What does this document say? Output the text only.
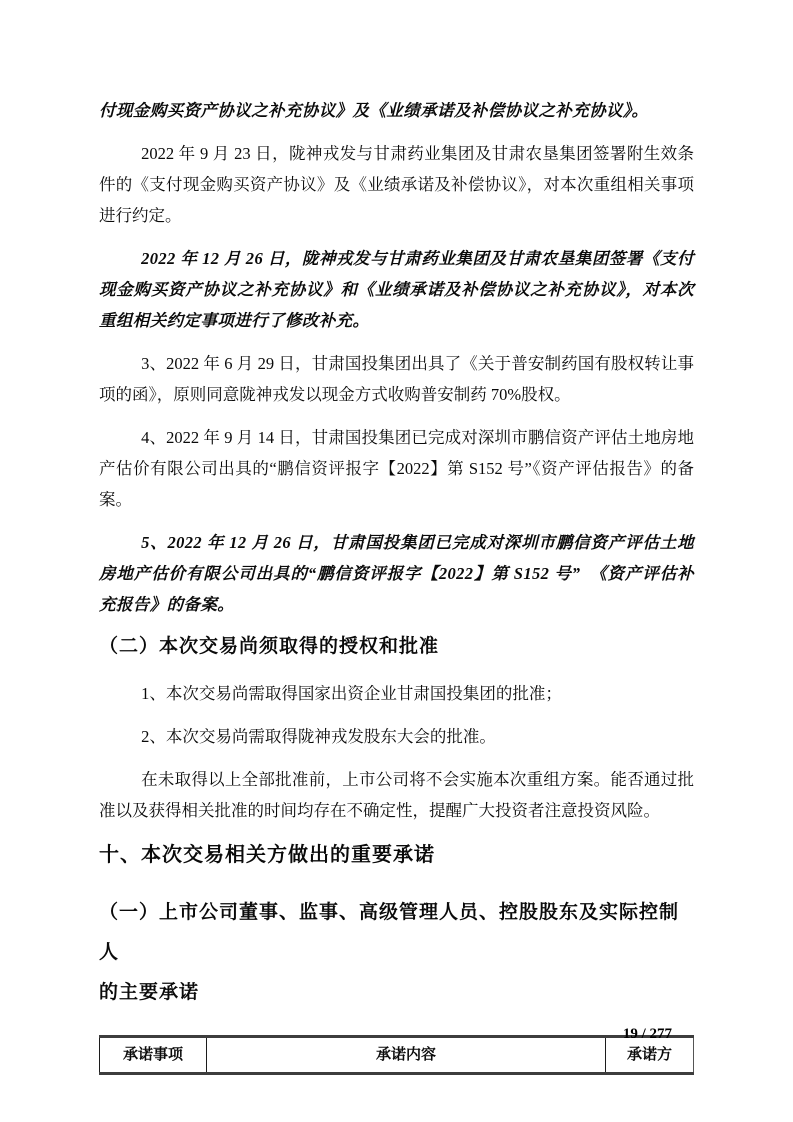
付现金购买资产协议之补充协议》及《业绩承诺及补偿协议之补充协议》。

2022 年 9 月 23 日，陇神戎发与甘肃药业集团及甘肃农垦集团签署附生效条件的《支付现金购买资产协议》及《业绩承诺及补偿协议》，对本次重组相关事项进行约定。

2022 年 12 月 26 日，陇神戎发与甘肃药业集团及甘肃农垦集团签署《支付现金购买资产协议之补充协议》和《业绩承诺及补偿协议之补充协议》，对本次重组相关约定事项进行了修改补充。

3、2022 年 6 月 29 日，甘肃国投集团出具了《关于普安制药国有股权转让事项的函》，原则同意陇神戎发以现金方式收购普安制药 70%股权。

4、2022 年 9 月 14 日，甘肃国投集团已完成对深圳市鹏信资产评估土地房地产估价有限公司出具的“鹏信资评报字【2022】第 S152 号”《资产评估报告》的备案。

5、2022 年 12 月 26 日，甘肃国投集团已完成对深圳市鹏信资产评估土地房地产估价有限公司出具的“鹏信资评报字【2022】第 S152 号”　《资产评估补充报告》的备案。

（二）本次交易尚须取得的授权和批准

1、本次交易尚需取得国家出资企业甘肃国投集团的批准；

2、本次交易尚需取得陇神戎发股东大会的批准。

在未取得以上全部批准前，上市公司将不会实施本次重组方案。能否通过批准以及获得相关批准的时间均存在不确定性，提醒广大投资者注意投资风险。

十、本次交易相关方做出的重要承诺
（一）上市公司董事、监事、高级管理人员、控股股东及实际控制人
的主要承诺
承诺事项	承诺内容	承诺方
19 / 277
